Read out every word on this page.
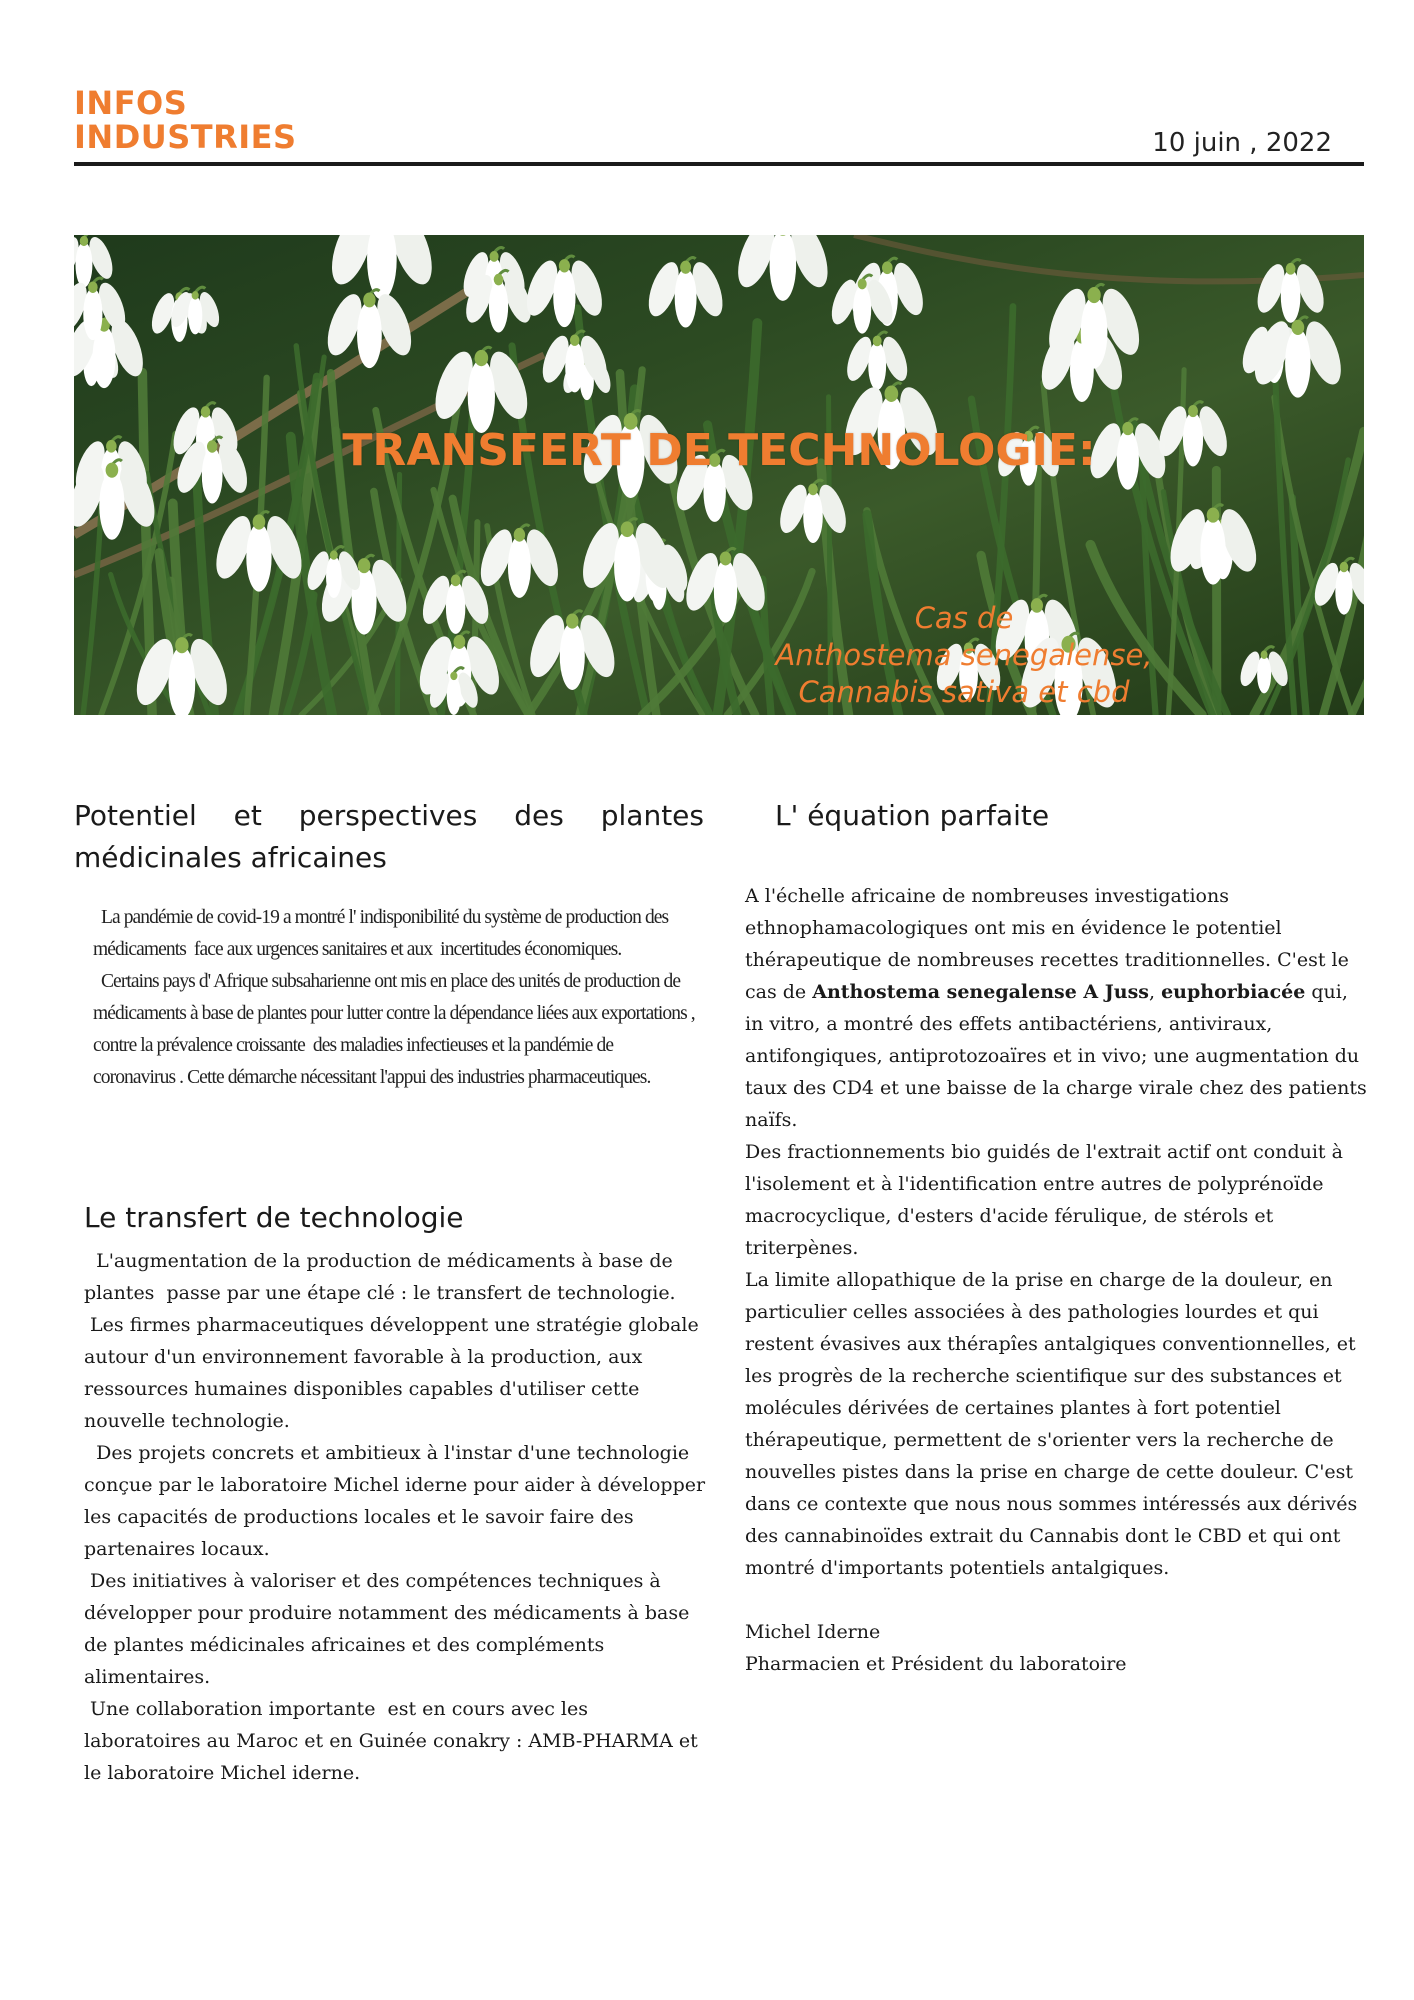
INFOS
INDUSTRIES	10 juin , 2022
TRANSFERT DE TECHNOLOGIE:
Cas de
Anthostema senegalense,
Cannabis sativa et cbd
Potentiel et perspectives des plantes médicinales africaines

La pandémie de covid-19 a montré l' indisponibilité du système de production des médicaments  face aux urgences sanitaires et aux  incertitudes économiques.

Certains pays d' Afrique subsaharienne ont mis en place des unités de production de médicaments à base de plantes pour lutter contre la dépendance liées aux exportations , contre la prévalence croissante  des maladies infectieuses et la pandémie de coronavirus . Cette démarche nécessitant l'appui des industries pharmaceutiques.

Le transfert de technologie

L'augmentation de la production de médicaments à base de plantes  passe par une étape clé : le transfert de technologie.

Les firmes pharmaceutiques développent une stratégie globale autour d'un environnement favorable à la production, aux ressources humaines disponibles capables d'utiliser cette nouvelle technologie.

Des projets concrets et ambitieux à l'instar d'une technologie conçue par le laboratoire Michel iderne pour aider à développer les capacités de productions locales et le savoir faire des partenaires locaux.

Des initiatives à valoriser et des compétences techniques à développer pour produire notamment des médicaments à base de plantes médicinales africaines et des compléments alimentaires.

Une collaboration importante  est en cours avec les laboratoires au Maroc et en Guinée conakry : AMB-PHARMA et le laboratoire Michel iderne.

L' équation parfaite

A l'échelle africaine de nombreuses investigations ethnophamacologiques ont mis en évidence le potentiel thérapeutique de nombreuses recettes traditionnelles. C'est le cas de Anthostema senegalense A Juss, euphorbiacée qui, in vitro, a montré des effets antibactériens, antiviraux, antifongiques, antiprotozoaïres et in vivo; une augmentation du taux des CD4 et une baisse de la charge virale chez des patients naïfs.

Des fractionnements bio guidés de l'extrait actif ont conduit à l'isolement et à l'identification entre autres de polyprénoïde macrocyclique, d'esters d'acide férulique, de stérols et triterpènes.

La limite allopathique de la prise en charge de la douleur, en particulier celles associées à des pathologies lourdes et qui restent évasives aux thérapîes antalgiques conventionnelles, et les progrès de la recherche scientifique sur des substances et molécules dérivées de certaines plantes à fort potentiel thérapeutique, permettent de s'orienter vers la recherche de nouvelles pistes dans la prise en charge de cette douleur. C'est dans ce contexte que nous nous sommes intéressés aux dérivés des cannabinoïdes extrait du Cannabis dont le CBD et qui ont montré d'importants potentiels antalgiques.

Michel Iderne
Pharmacien et Président du laboratoire
